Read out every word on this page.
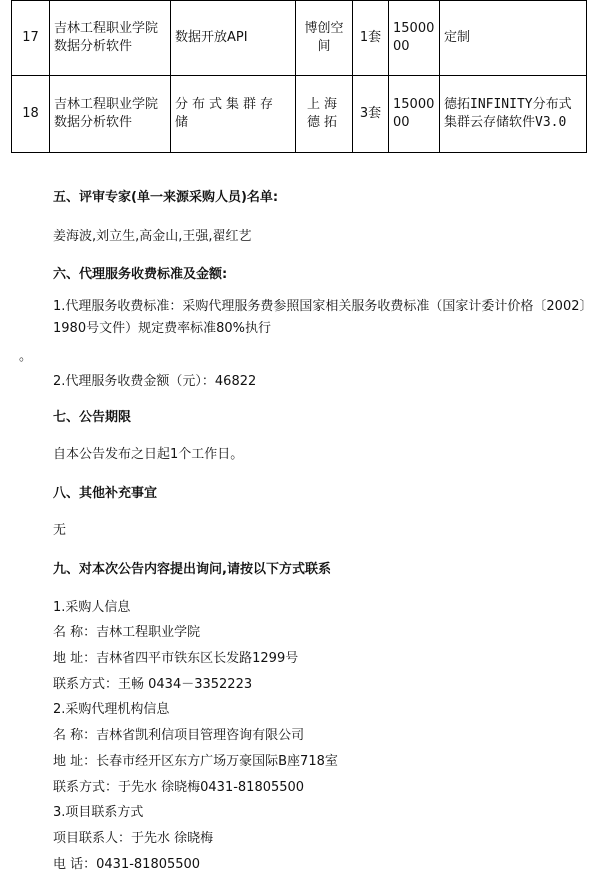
17	吉林工程职业学院数据分析软件	数据开放API	博创空间	1套	15000 00	定制
18	吉林工程职业学院数据分析软件	分布式集群存储	上海德拓	3套	15000 00	德拓INFINITY分布式集群云存储软件V3.0
五、评审专家(单一来源采购人员)名单:
姜海波,刘立生,高金山,王强,翟红艺
六、代理服务收费标准及金额:
1.代理服务收费标准：采购代理服务费参照国家相关服务收费标准（国家计委计价格〔2002〕1980号文件）规定费率标准80%执行
。
2.代理服务收费金额（元）：46822
七、公告期限
自本公告发布之日起1个工作日。
八、其他补充事宜
无
九、对本次公告内容提出询问,请按以下方式联系
1.采购人信息
名 称：吉林工程职业学院
地 址：吉林省四平市铁东区长发路1299号
联系方式：王畅 0434－3352223
2.采购代理机构信息
名 称：吉林省凯利信项目管理咨询有限公司
地 址：长春市经开区东方广场万豪国际B座718室
联系方式：于先水 徐晓梅0431-81805500
3.项目联系方式
项目联系人：于先水 徐晓梅
电 话：0431-81805500
